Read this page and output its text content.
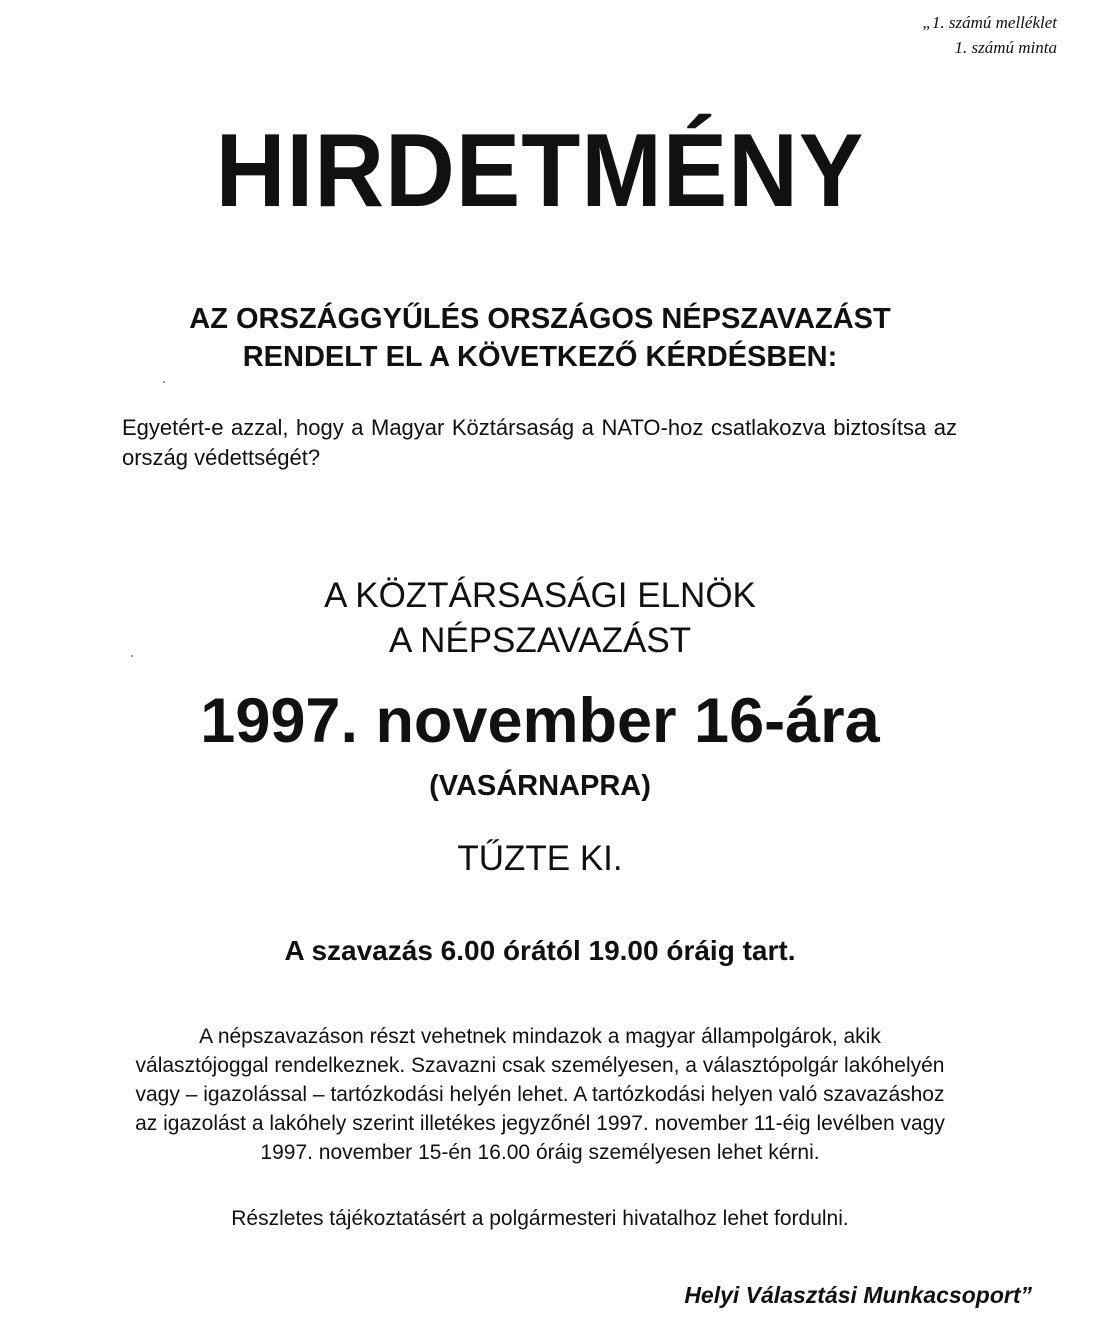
„1. számú melléklet
1. számú minta
HIRDETMÉNY
AZ ORSZÁGGYŰLÉS ORSZÁGOS NÉPSZAVAZÁST
RENDELT EL A KÖVETKEZŐ KÉRDÉSBEN:
Egyetért-e azzal, hogy a Magyar Köztársaság a NATO-hoz csatlakozva biztosítsa az ország védettségét?
A KÖZTÁRSASÁGI ELNÖK
A NÉPSZAVAZÁST
1997. november 16-ára
(VASÁRNAPRA)
TŰZTE KI.
A szavazás 6.00 órától 19.00 óráig tart.
A népszavazáson részt vehetnek mindazok a magyar állampolgárok, akik
választójoggal rendelkeznek. Szavazni csak személyesen, a választópolgár lakóhelyén
vagy – igazolással – tartózkodási helyén lehet. A tartózkodási helyen való szavazáshoz
az igazolást a lakóhely szerint illetékes jegyzőnél 1997. november 11-éig levélben vagy
1997. november 15-én 16.00 óráig személyesen lehet kérni.
Részletes tájékoztatásért a polgármesteri hivatalhoz lehet fordulni.
Helyi Választási Munkacsoport”
